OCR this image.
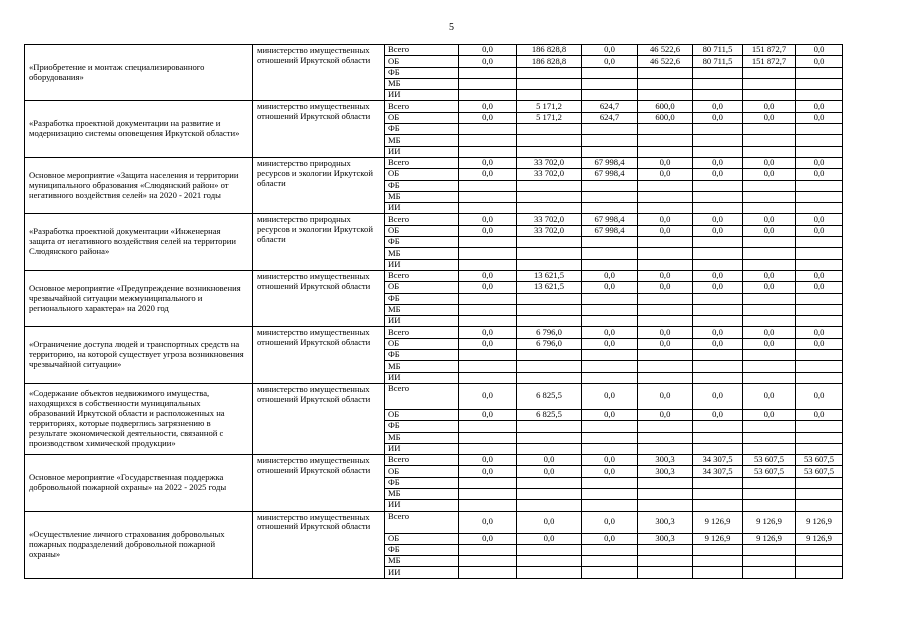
5
«Приобретение и монтаж специализированного оборудования»	министерство имущественных отношений Иркутской области	Всего	0,0	186 828,8	0,0	46 522,6	80 711,5	151 872,7	0,0
		ОБ	0,0	186 828,8	0,0	46 522,6	80 711,5	151 872,7	0,0
		ФБ							
		МБ							
		ИИ							
«Разработка проектной документации на развитие и модернизацию системы оповещения Иркутской области»	министерство имущественных отношений Иркутской области	Всего	0,0	5 171,2	624,7	600,0	0,0	0,0	0,0
		ОБ	0,0	5 171,2	624,7	600,0	0,0	0,0	0,0
		ФБ							
		МБ							
		ИИ							
Основное мероприятие «Защита населения и территории муниципального образования «Слюдянский район» от негативного воздействия селей» на 2020 - 2021 годы	министерство природных ресурсов и экологии Иркутской области	Всего	0,0	33 702,0	67 998,4	0,0	0,0	0,0	0,0
		ОБ	0,0	33 702,0	67 998,4	0,0	0,0	0,0	0,0
		ФБ							
		МБ							
		ИИ							
«Разработка проектной документации «Инженерная защита от негативного воздействия селей на территории Слюдянского района»	министерство природных ресурсов и экологии Иркутской области	Всего	0,0	33 702,0	67 998,4	0,0	0,0	0,0	0,0
		ОБ	0,0	33 702,0	67 998,4	0,0	0,0	0,0	0,0
		ФБ							
		МБ							
		ИИ							
Основное мероприятие «Предупреждение возникновения чрезвычайной ситуации межмуниципального и регионального характера» на 2020 год	министерство имущественных отношений Иркутской области	Всего	0,0	13 621,5	0,0	0,0	0,0	0,0	0,0
		ОБ	0,0	13 621,5	0,0	0,0	0,0	0,0	0,0
		ФБ							
		МБ							
		ИИ							
«Ограничение доступа людей и транспортных средств на территорию, на которой существует угроза возникновения чрезвычайной ситуации»	министерство имущественных отношений Иркутской области	Всего	0,0	6 796,0	0,0	0,0	0,0	0,0	0,0
		ОБ	0,0	6 796,0	0,0	0,0	0,0	0,0	0,0
		ФБ							
		МБ							
		ИИ							
«Содержание объектов недвижимого имущества, находящихся в собственности муниципальных образований Иркутской области и расположенных на территориях, которые подверглись загрязнению в результате экономической деятельности, связанной с производством химической продукции»	министерство имущественных отношений Иркутской области	Всего	0,0	6 825,5	0,0	0,0	0,0	0,0	0,0
		ОБ	0,0	6 825,5	0,0	0,0	0,0	0,0	0,0
		ФБ							
		МБ							
		ИИ							
Основное мероприятие «Государственная поддержка добровольной пожарной охраны» на 2022 - 2025 годы	министерство имущественных отношений Иркутской области	Всего	0,0	0,0	0,0	300,3	34 307,5	53 607,5	53 607,5
		ОБ	0,0	0,0	0,0	300,3	34 307,5	53 607,5	53 607,5
		ФБ							
		МБ							
		ИИ							
«Осуществление личного страхования добровольных пожарных подразделений добровольной пожарной охраны»	министерство имущественных отношений Иркутской области	Всего	0,0	0,0	0,0	300,3	9 126,9	9 126,9	9 126,9
		ОБ	0,0	0,0	0,0	300,3	9 126,9	9 126,9	9 126,9
		ФБ							
		МБ							
		ИИ							
